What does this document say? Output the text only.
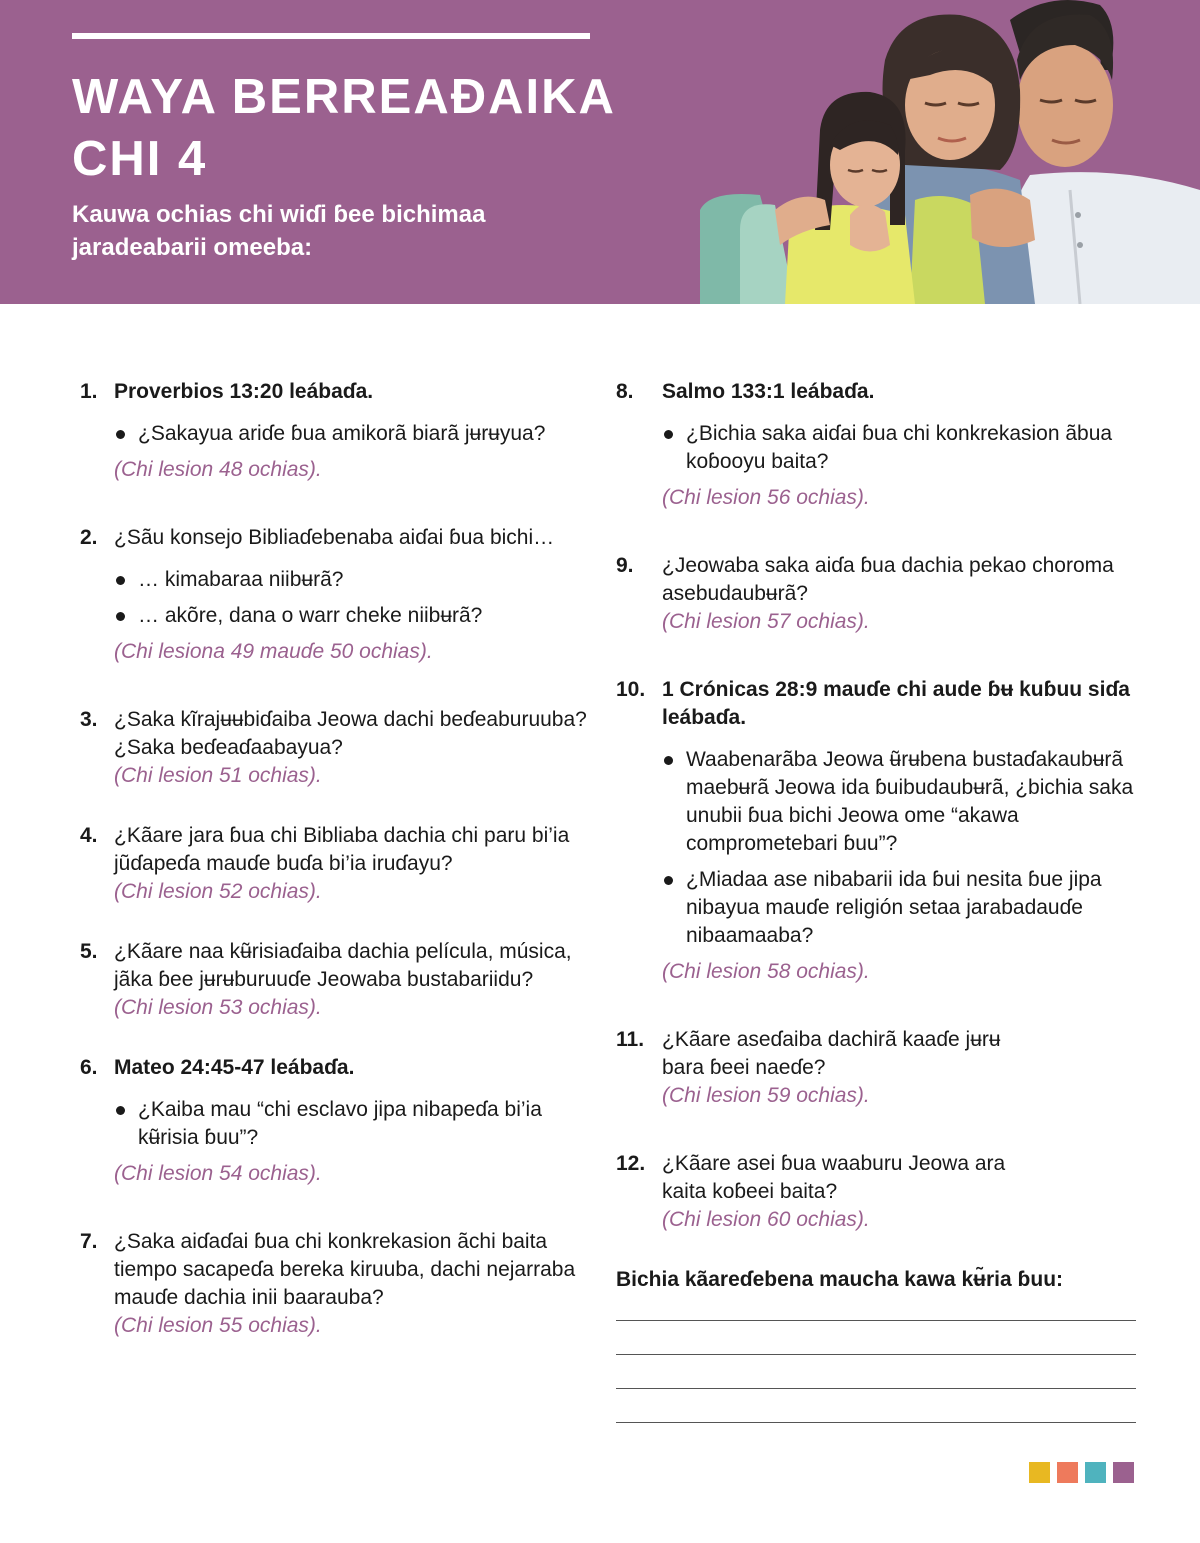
WAYA BERREAƉAIKA
CHI 4

Kauwa ochias chi wiɗi ɓee bichimaa
jaradeabarii omeeba:

1. Proverbios 13:20 leábaɗa.

¿Sakayua ariɗe ɓua amikorã biarã jʉrʉyua?

(Chi lesion 48 ochias).

2. ¿Sãu konsejo Bibliaɗebenaba aiɗai ɓua bichi…

… kimabaraa niibʉrã?
… akõre, dana o warr cheke niibʉrã?

(Chi lesiona 49 mauɗe 50 ochias).

3. ¿Saka kĩrajʉʉbiɗaiba Jeowa dachi beɗeaburuuba? ¿Saka beɗeaɗaabayua?

(Chi lesion 51 ochias).

4. ¿Kãare jara ɓua chi Bibliaba dachia chi paru bi’ia jũɗapeɗa mauɗe buɗa bi’ia iruɗayu?

(Chi lesion 52 ochias).

5. ¿Kãare naa kʉ̃risiaɗaiba dachia película, música, jãka ɓee jʉrʉburuuɗe Jeowaba bustabariidu?

(Chi lesion 53 ochias).

6. Mateo 24:45-47 leábaɗa.

¿Kaiba mau “chi esclavo jipa nibapeɗa bi’ia kʉ̃risia ɓuu”?

(Chi lesion 54 ochias).

7. ¿Saka aiɗaɗai ɓua chi konkrekasion ãchi baita tiempo sacapeɗa bereka kiruuba, dachi nejarraba mauɗe dachia inii baarauba?

(Chi lesion 55 ochias).

8. Salmo 133:1 leábaɗa.

¿Bichia saka aiɗai ɓua chi konkrekasion ãbua koɓooyu baita?

(Chi lesion 56 ochias).

9. ¿Jeowaba saka aiɗa ɓua dachia pekao choroma asebudaubʉrã?

(Chi lesion 57 ochias).

10. 1 Crónicas 28:9 mauɗe chi aude ɓʉ kuɓuu siɗa leábaɗa.

Waabenarãba Jeowa ʉ̃rʉbena bustaɗakaubʉrã maebʉrã Jeowa ida ɓuibudaubʉrã, ¿bichia saka unubii ɓua bichi Jeowa ome “akawa comprometebari ɓuu”?
¿Miadaa ase nibabarii ida ɓui nesita ɓue jipa nibayua mauɗe religión setaa jarabadauɗe nibaamaaba?

(Chi lesion 58 ochias).

11. ¿Kãare aseɗaiba dachirã kaaɗe jʉrʉ bara ɓeei naeɗe?

(Chi lesion 59 ochias).

12. ¿Kãare asei ɓua waaburu Jeowa ara kaita koɓeei baita?

(Chi lesion 60 ochias).

Bichia kãareɗebena maucha kawa kʉ̃ria ɓuu:
